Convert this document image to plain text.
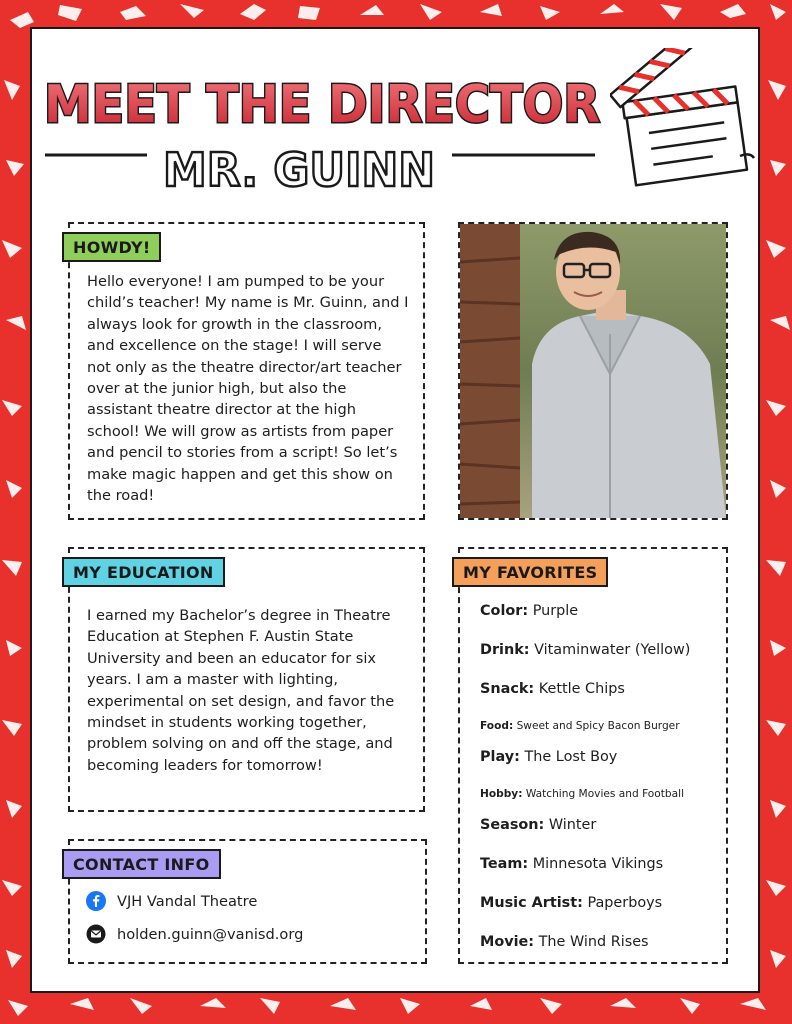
MEET THE DIRECTOR
MR. GUINN
HOWDY!
Hello everyone! I am pumped to be your child’s teacher! My name is Mr. Guinn, and I always look for growth in the classroom, and excellence on the stage! I will serve not only as the theatre director/art teacher over at the junior high, but also the assistant theatre director at the high school! We will grow as artists from paper and pencil to stories from a script! So let’s make magic happen and get this show on the road!
MY EDUCATION
I earned my Bachelor’s degree in Theatre Education at Stephen F. Austin State University and been an educator for six years. I am a master with lighting, experimental on set design, and favor the mindset in students working together, problem solving on and off the stage, and becoming leaders for tomorrow!
CONTACT INFO
VJH Vandal Theatre
holden.guinn@vanisd.org
MY FAVORITES
Color: Purple
Drink: Vitaminwater (Yellow)
Snack: Kettle Chips
Food: Sweet and Spicy Bacon Burger
Play: The Lost Boy
Hobby: Watching Movies and Football
Season: Winter
Team: Minnesota Vikings
Music Artist: Paperboys
Movie: The Wind Rises
